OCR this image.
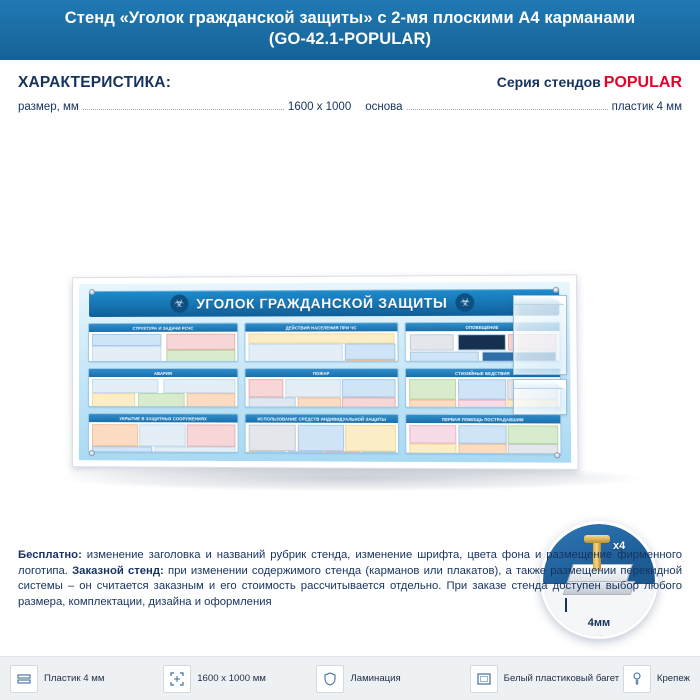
Стенд «Уголок гражданской защиты» с 2-мя плоскими А4 карманами
(GO-42.1-POPULAR)
ХАРАКТЕРИСТИКА:	Серия стендов POPULAR
размер, мм	1600 х 1000 основа	пластик 4 мм
☣ УГОЛОК ГРАЖДАНСКОЙ ЗАЩИТЫ	☣
СТРУКТУРА И ЗАДАЧИ РСЧС	ДЕЙСТВИЯ НАСЕЛЕНИЯ ПРИ ЧС	ОПОВЕЩЕНИЕ
АВАРИЯ	ПОЖАР	СТИХИЙНЫЕ БЕДСТВИЯ
УКРЫТИЕ В ЗАЩИТНЫХ СООРУЖЕНИЯХ	ИСПОЛЬЗОВАНИЕ СРЕДСТВ ИНДИВИДУАЛЬНОЙ ЗАЩИТЫ	ПЕРВАЯ ПОМОЩЬ ПОСТРАДАВШИМ
х4
4мм

Бесплатно: изменение заголовка и названий рубрик стенда, изменение шрифта, цвета фона и размещение фирменного логотипа. Заказной стенд: при изменении содержимого стенда (карманов или плакатов), а также размещении перекидной системы – он считается заказным и его стоимость рассчитывается отдельно. При заказе стенда доступен выбор любого размера, комплектации, дизайна и оформления

Пластик 4 мм	1600 x 1000 мм	Ламинация	Белый пластиковый багет	Крепеж
